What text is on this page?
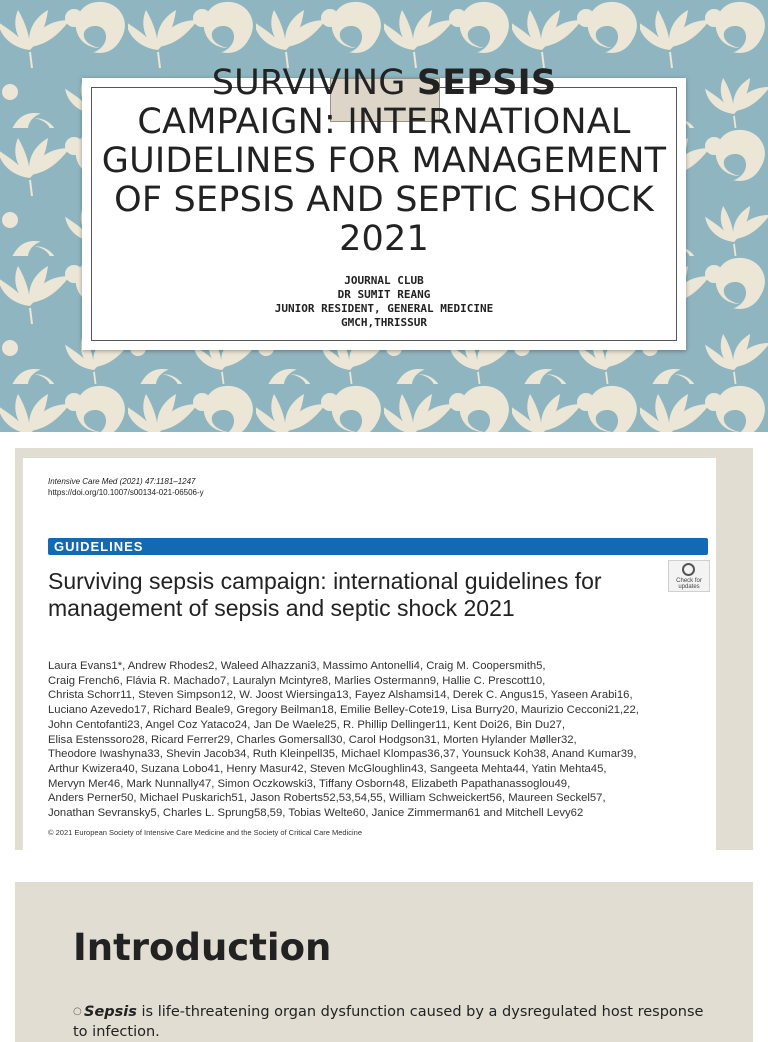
SURVIVING SEPSIS
CAMPAIGN: INTERNATIONAL
GUIDELINES FOR MANAGEMENT
OF SEPSIS AND SEPTIC SHOCK
2021
JOURNAL CLUB
DR SUMIT REANG
JUNIOR RESIDENT, GENERAL MEDICINE
GMCH,THRISSUR
Intensive Care Med (2021) 47:1181–1247
https://doi.org/10.1007/s00134-021-06506-y
GUIDELINES
Check for updates
Surviving sepsis campaign: international guidelines for management of sepsis and septic shock 2021
Laura Evans1*, Andrew Rhodes2, Waleed Alhazzani3, Massimo Antonelli4, Craig M. Coopersmith5,
Craig French6, Flávia R. Machado7, Lauralyn Mcintyre8, Marlies Ostermann9, Hallie C. Prescott10,
Christa Schorr11, Steven Simpson12, W. Joost Wiersinga13, Fayez Alshamsi14, Derek C. Angus15, Yaseen Arabi16,
Luciano Azevedo17, Richard Beale9, Gregory Beilman18, Emilie Belley-Cote19, Lisa Burry20, Maurizio Cecconi21,22,
John Centofanti23, Angel Coz Yataco24, Jan De Waele25, R. Phillip Dellinger11, Kent Doi26, Bin Du27,
Elisa Estenssoro28, Ricard Ferrer29, Charles Gomersall30, Carol Hodgson31, Morten Hylander Møller32,
Theodore Iwashyna33, Shevin Jacob34, Ruth Kleinpell35, Michael Klompas36,37, Younsuck Koh38, Anand Kumar39,
Arthur Kwizera40, Suzana Lobo41, Henry Masur42, Steven McGloughlin43, Sangeeta Mehta44, Yatin Mehta45,
Mervyn Mer46, Mark Nunnally47, Simon Oczkowski3, Tiffany Osborn48, Elizabeth Papathanassoglou49,
Anders Perner50, Michael Puskarich51, Jason Roberts52,53,54,55, William Schweickert56, Maureen Seckel57,
Jonathan Sevransky5, Charles L. Sprung58,59, Tobias Welte60, Janice Zimmerman61 and Mitchell Levy62
© 2021 European Society of Intensive Care Medicine and the Society of Critical Care Medicine
Introduction
○ Sepsis is life-threatening organ dysfunction caused by a dysregulated host response to infection.
